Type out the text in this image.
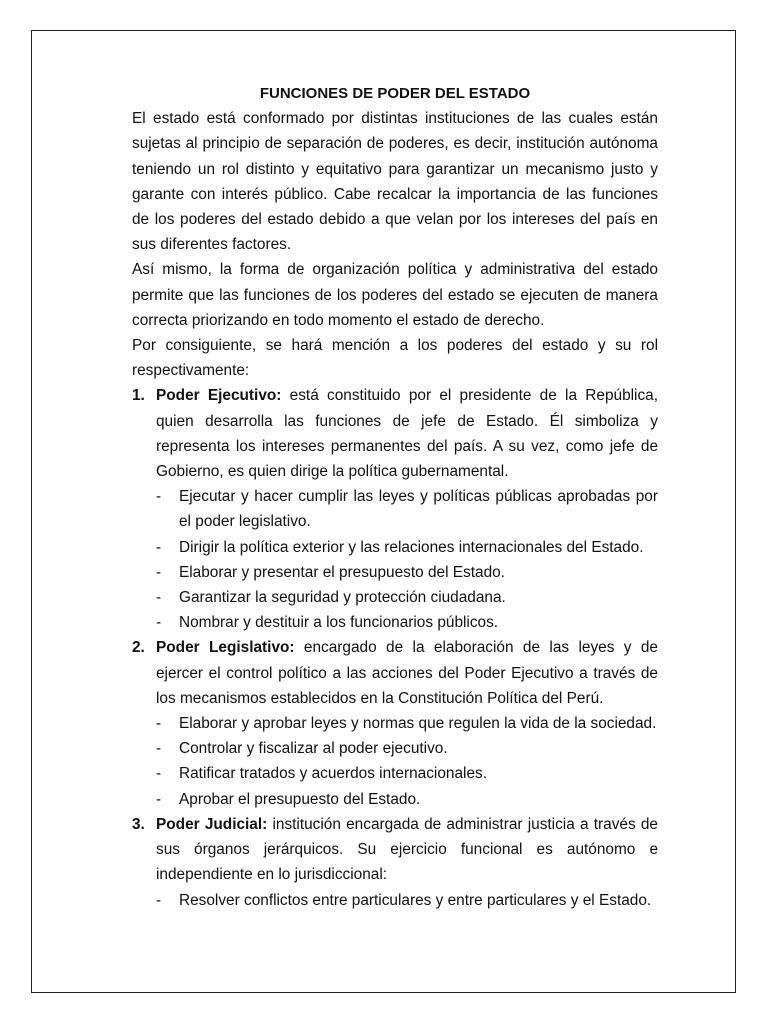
FUNCIONES DE PODER DEL ESTADO

El estado está conformado por distintas instituciones de las cuales están sujetas al principio de separación de poderes, es decir, institución autónoma teniendo un rol distinto y equitativo para garantizar un mecanismo justo y garante con interés público. Cabe recalcar la importancia de las funciones de los poderes del estado debido a que velan por los intereses del país en sus diferentes factores.

Así mismo, la forma de organización política y administrativa del estado permite que las funciones de los poderes del estado se ejecuten de manera correcta priorizando en todo momento el estado de derecho.

Por consiguiente, se hará mención a los poderes del estado y su rol respectivamente:

1. Poder Ejecutivo: está constituido por el presidente de la República, quien desarrolla las funciones de jefe de Estado. Él simboliza y representa los intereses permanentes del país. A su vez, como jefe de Gobierno, es quien dirige la política gubernamental.

- Ejecutar y hacer cumplir las leyes y políticas públicas aprobadas por el poder legislativo.
- Dirigir la política exterior y las relaciones internacionales del Estado.
- Elaborar y presentar el presupuesto del Estado.
- Garantizar la seguridad y protección ciudadana.
- Nombrar y destituir a los funcionarios públicos.
2. Poder Legislativo: encargado de la elaboración de las leyes y de ejercer el control político a las acciones del Poder Ejecutivo a través de los mecanismos establecidos en la Constitución Política del Perú.

- Elaborar y aprobar leyes y normas que regulen la vida de la sociedad.
- Controlar y fiscalizar al poder ejecutivo.
- Ratificar tratados y acuerdos internacionales.
- Aprobar el presupuesto del Estado.
3. Poder Judicial: institución encargada de administrar justicia a través de sus órganos jerárquicos. Su ejercicio funcional es autónomo e independiente en lo jurisdiccional:

- Resolver conflictos entre particulares y entre particulares y el Estado.
